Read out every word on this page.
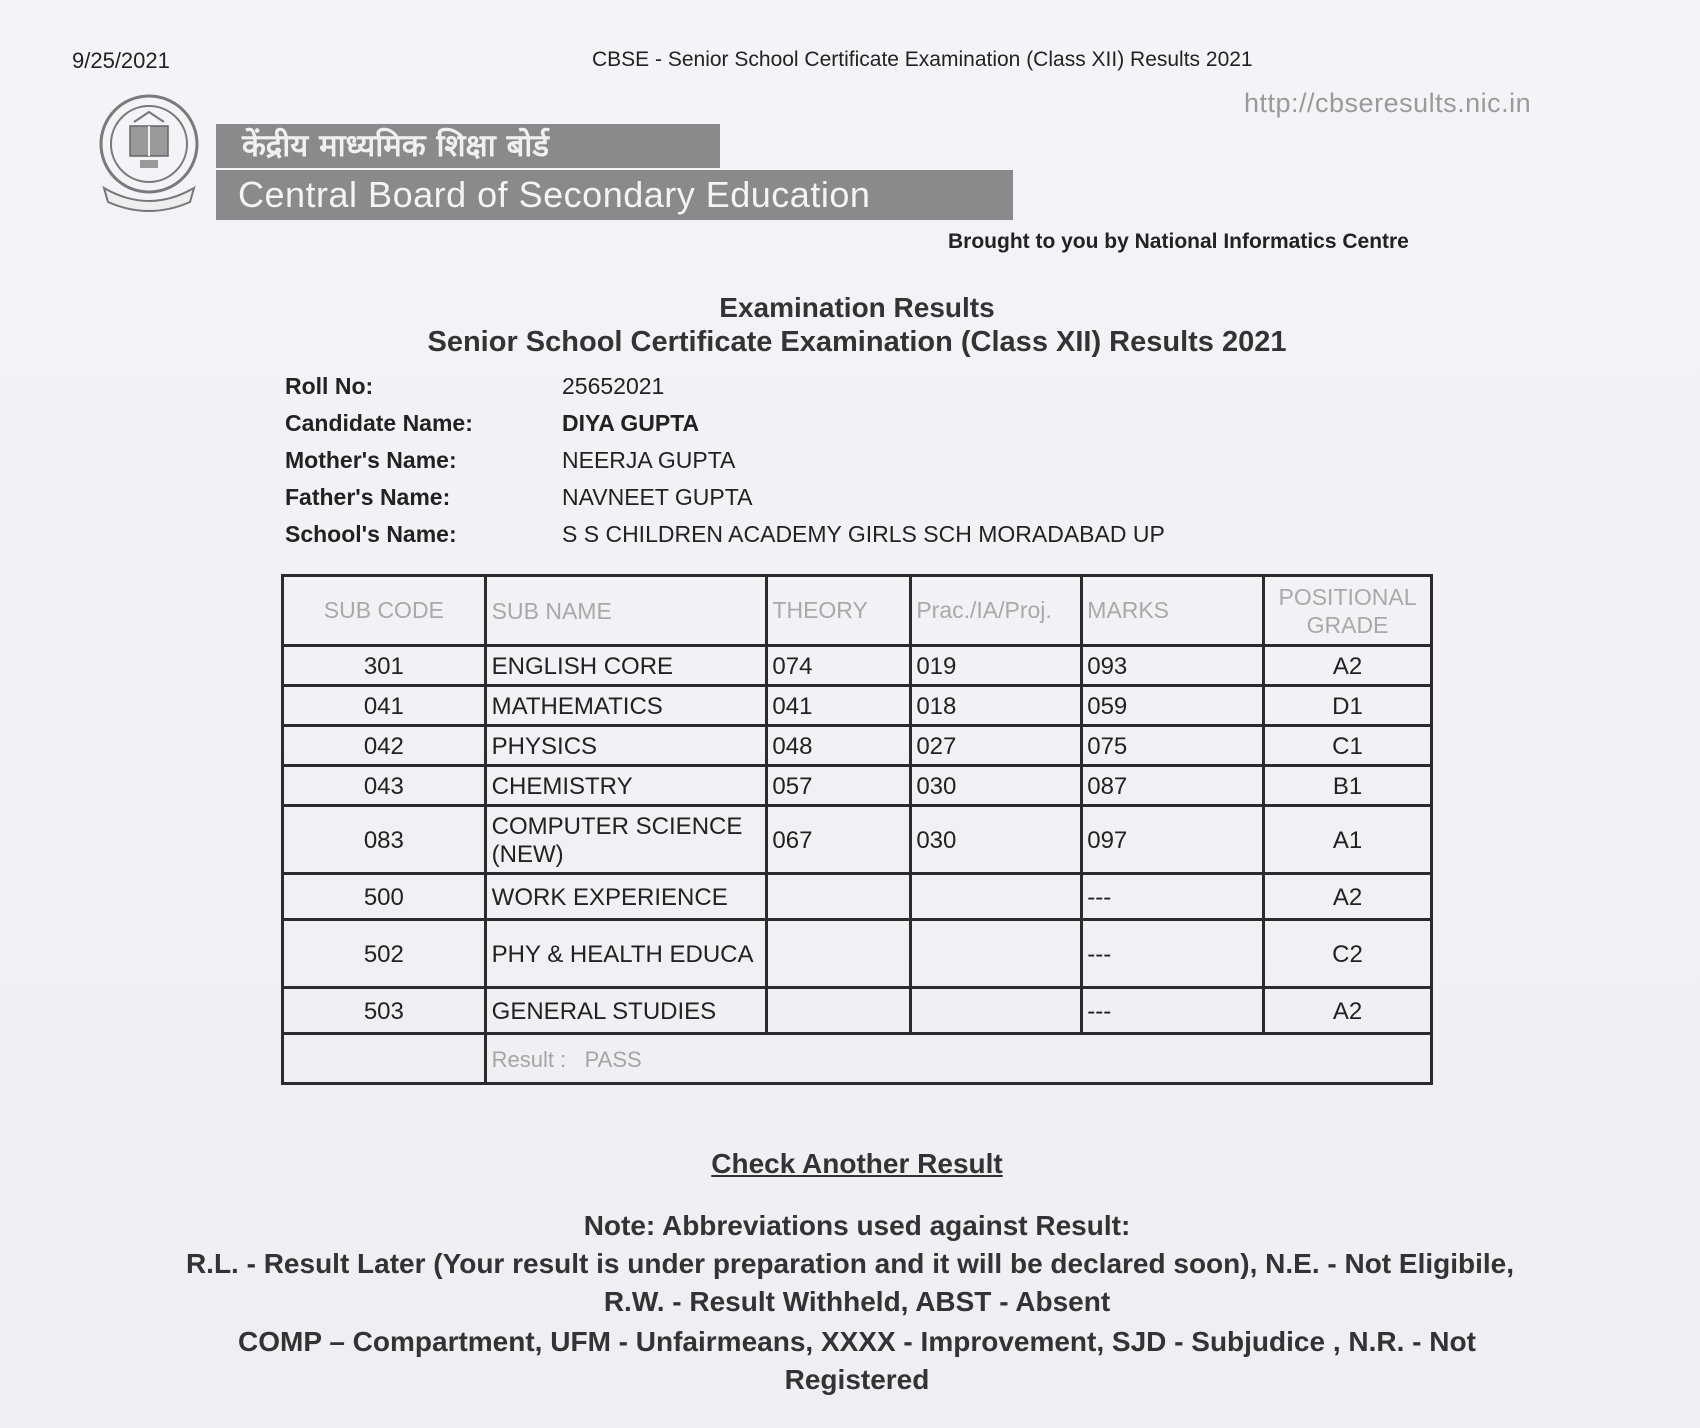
9/25/2021	CBSE - Senior School Certificate Examination (Class XII) Results 2021
http://cbseresults.nic.in
केंद्रीय माध्यमिक शिक्षा बोर्ड
Central Board of Secondary Education
Brought to you by National Informatics Centre
Examination Results
Senior School Certificate Examination (Class XII) Results 2021
Roll No:	25652021
Candidate Name:	DIYA GUPTA
Mother's Name:	NEERJA GUPTA
Father's Name:	NAVNEET GUPTA
School's Name:	S S CHILDREN ACADEMY GIRLS SCH MORADABAD UP
SUB CODE	SUB NAME	THEORY	Prac./IA/Proj.	MARKS	POSITIONAL
GRADE
301	ENGLISH CORE	074	019	093	A2
041	MATHEMATICS	041	018	059	D1
042	PHYSICS	048	027	075	C1
043	CHEMISTRY	057	030	087	B1
083	COMPUTER SCIENCE (NEW)	067	030	097	A1
500	WORK EXPERIENCE			---	A2
502	PHY & HEALTH EDUCA			---	C2
503	GENERAL STUDIES			---	A2
	Result : PASS				
Check Another Result
Note: Abbreviations used against Result:
R.L. - Result Later (Your result is under preparation and it will be declared soon), N.E. - Not Eligibile,
R.W. - Result Withheld, ABST - Absent
COMP – Compartment, UFM - Unfairmeans, XXXX - Improvement, SJD - Subjudice , N.R. - Not
Registered
